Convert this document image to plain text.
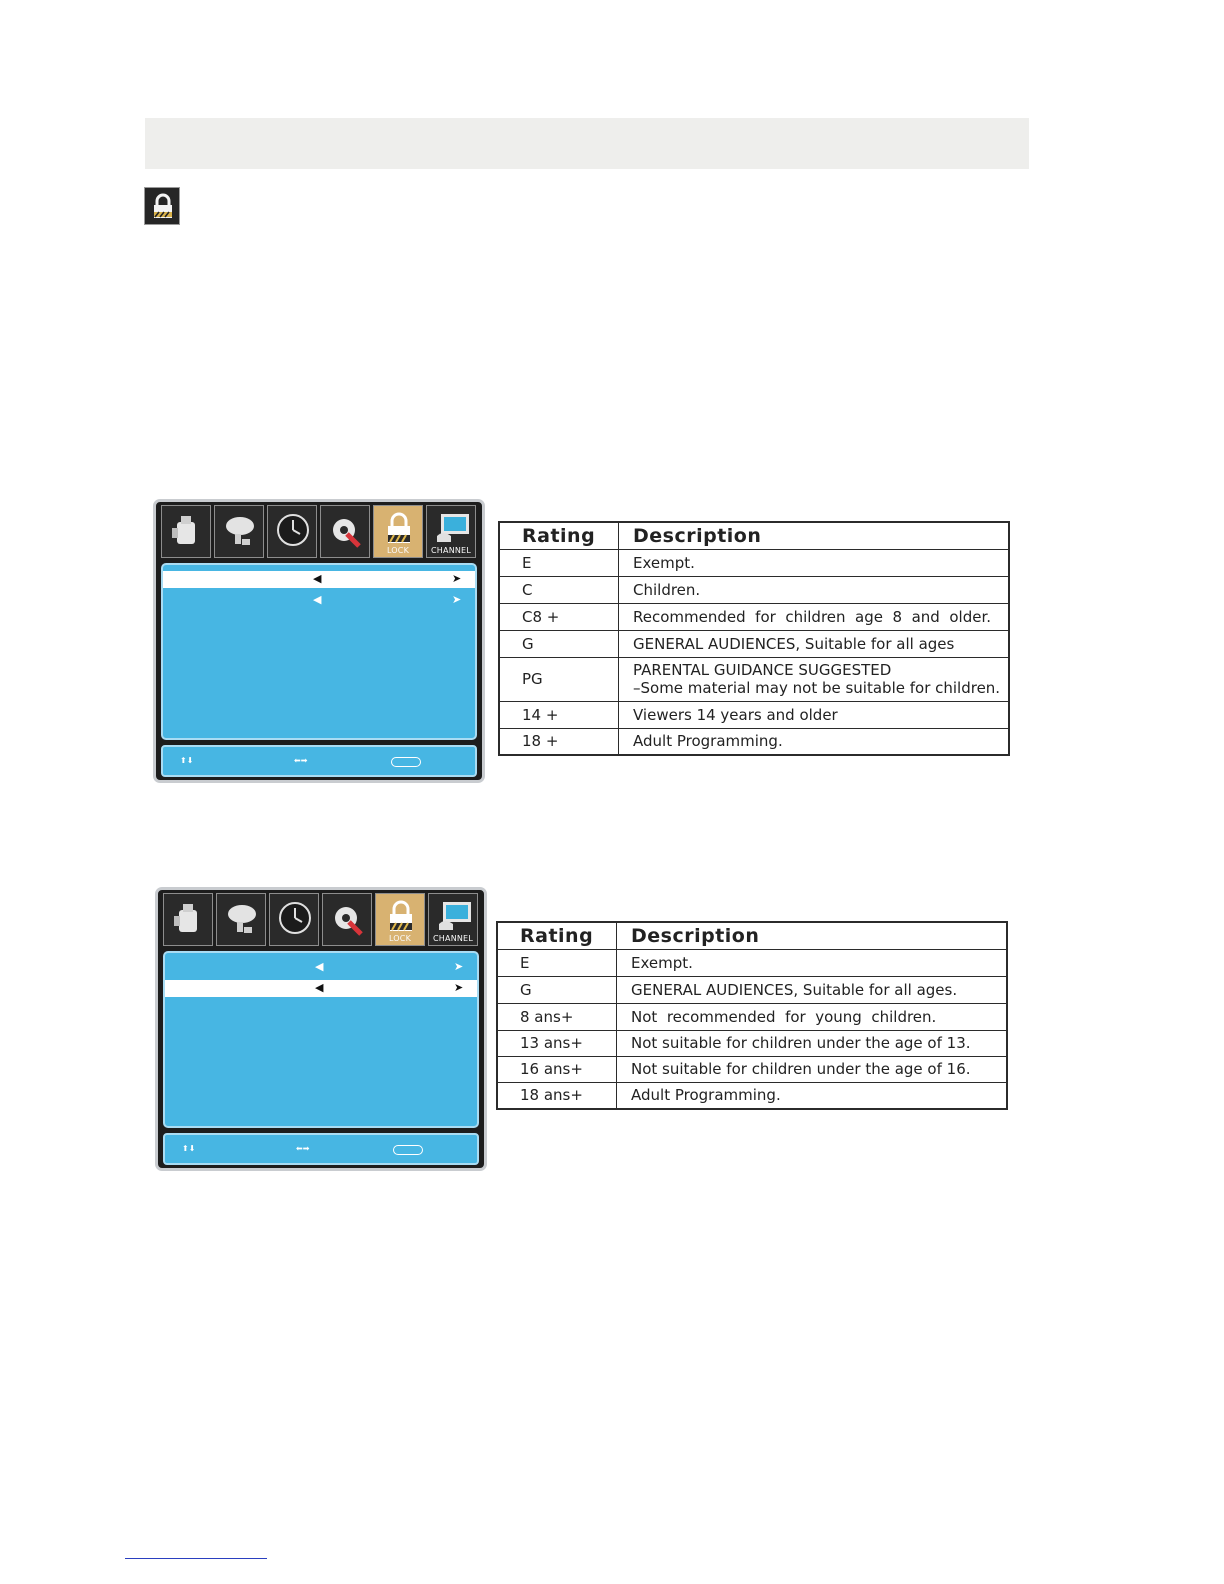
LOCK	CHANNEL
◀	➤
◀	➤
⬆⬇	⬅➡
Rating	Description
E	Exempt.
C	Children.
C8 +	Recommended  for  children  age  8  and  older.
G	GENERAL AUDIENCES, Suitable for all ages
PG	PARENTAL GUIDANCE SUGGESTED
–Some material may not be suitable for children.

14 +	Viewers 14 years and older
18 +	Adult Programming.
LOCK	CHANNEL
◀	➤
◀	➤
⬆⬇	⬅➡
Rating	Description
E	Exempt.
G	GENERAL AUDIENCES, Suitable for all ages.
8 ans+	Not  recommended  for  young  children.
13 ans+	Not suitable for children under the age of 13.
16 ans+	Not suitable for children under the age of 16.
18 ans+	Adult Programming.
